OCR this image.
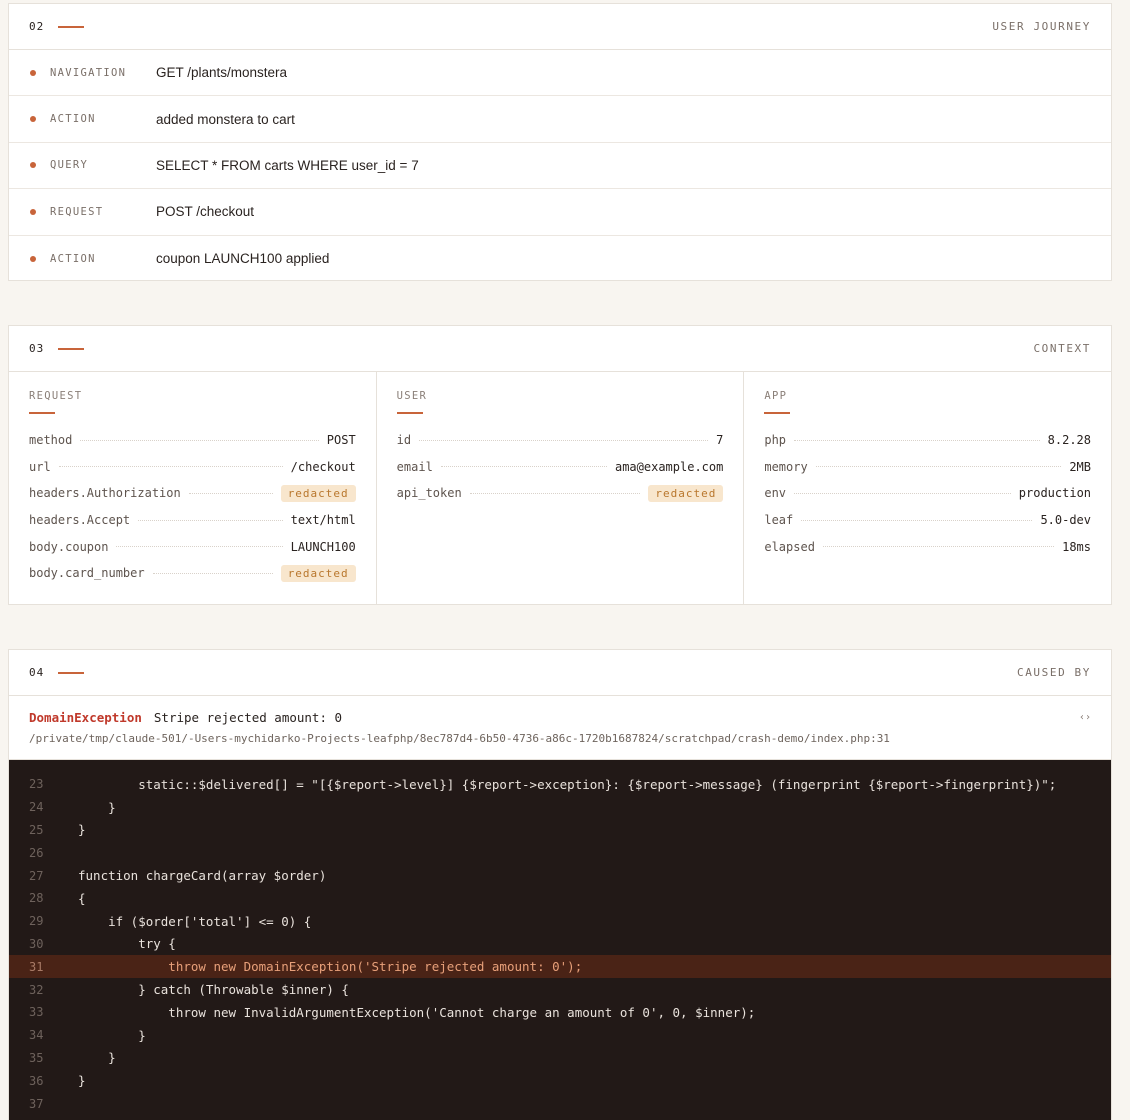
02	USER JOURNEY
NAVIGATION	GET /plants/monstera
ACTION	added monstera to cart
QUERY	SELECT * FROM carts WHERE user_id = 7
REQUEST	POST /checkout
ACTION	coupon LAUNCH100 applied
03	CONTEXT
REQUEST
method	POST
url	/checkout
headers.Authorization	redacted
headers.Accept	text/html
body.coupon	LAUNCH100
body.card_number	redacted
USER
id	7
email	ama@example.com
api_token	redacted
APP
php	8.2.28
memory	2MB
env	production
leaf	5.0-dev
elapsed	18ms
04	CAUSED BY
DomainException Stripe rejected amount: 0
/private/tmp/claude-501/-Users-mychidarko-Projects-leafphp/8ec787d4-6b50-4736-a86c-1720b1687824/scratchpad/crash-demo/index.php:31
‹›
23	static::$delivered[] = "[{$report->level}] {$report->exception}: {$report->message} (fingerprint {$report->fingerprint})";
24	}
25	}
26
27	function chargeCard(array $order)
28	{
29	if ($order['total'] <= 0) {
30	try {
31	throw new DomainException('Stripe rejected amount: 0');
32	} catch (Throwable $inner) {
33	throw new InvalidArgumentException('Cannot charge an amount of 0', 0, $inner);
34	}
35	}
36	}
37
